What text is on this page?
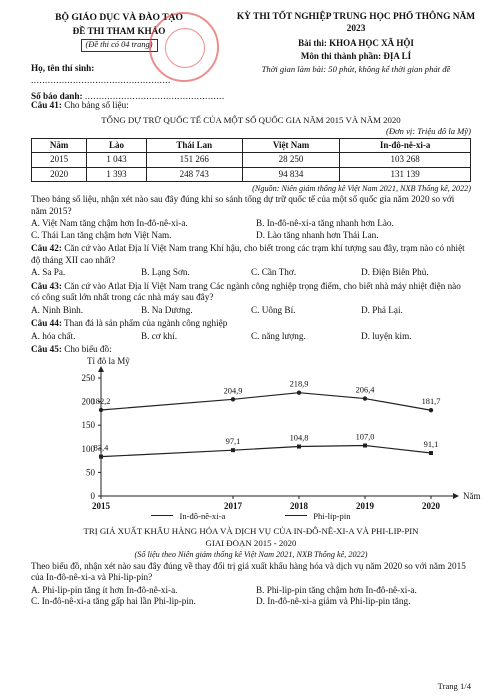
BỘ GIÁO DỤC VÀ ĐÀO TẠO
ĐỀ THI THAM KHẢO
(Đề thi có 04 trang)
KỲ THI TỐT NGHIỆP TRUNG HỌC PHỔ THÔNG NĂM 2023
Bài thi: KHOA HỌC XÃ HỘI
Môn thi thành phần: ĐỊA LÍ
Thời gian làm bài: 50 phút, không kể thời gian phát đề
Họ, tên thí sinh: ..................................................
Số báo danh: ..................................................
Câu 41: Cho bảng số liệu:
TỔNG DỰ TRỮ QUỐC TẾ CỦA MỘT SỐ QUỐC GIA NĂM 2015 VÀ NĂM 2020
(Đơn vị: Triệu đô la Mỹ)
Năm	Lào	Thái Lan	Việt Nam	In-đô-nê-xi-a
2015	1 043	151 266	28 250	103 268
2020	1 393	248 743	94 834	131 139
(Nguồn: Niên giám thống kê Việt Nam 2021, NXB Thống kê, 2022)
Theo bảng số liệu, nhận xét nào sau đây đúng khi so sánh tổng dự trữ quốc tế của một số quốc gia năm 2020 so với năm 2015?
A. Việt Nam tăng chậm hơn In-đô-nê-xi-a.	B. In-đô-nê-xi-a tăng nhanh hơn Lào.
C. Thái Lan tăng chậm hơn Việt Nam.	D. Lào tăng nhanh hơn Thái Lan.
Câu 42: Căn cứ vào Atlat Địa lí Việt Nam trang Khí hậu, cho biết trong các trạm khí tượng sau đây, trạm nào có nhiệt độ tháng XII cao nhất?
A. Sa Pa.	B. Lạng Sơn.	C. Cần Thơ.	D. Điện Biên Phủ.
Câu 43: Căn cứ vào Atlat Địa lí Việt Nam trang Các ngành công nghiệp trọng điểm, cho biết nhà máy nhiệt điện nào có công suất lớn nhất trong các nhà máy sau đây?
A. Ninh Bình.	B. Na Dương.	C. Uông Bí.	D. Phả Lại.
Câu 44: Than đá là sản phẩm của ngành công nghiệp
A. hóa chất.	B. cơ khí.	C. năng lượng.	D. luyện kim.
Câu 45: Cho biểu đồ:
Tỉ đô la Mỹ
Năm
0
50
100
150
200
250
2015	2017	2018	2019	2020
182,2
204,9
218,9
206,4
181,7
83,4
97,1	104,8	107,0
91,1
In-đô-nê-xi-a	Phi-lip-pin
TRỊ GIÁ XUẤT KHẨU HÀNG HÓA VÀ DỊCH VỤ CỦA IN-ĐÔ-NÊ-XI-A VÀ PHI-LIP-PIN
GIAI ĐOẠN 2015 - 2020
(Số liệu theo Niên giám thống kê Việt Nam 2021, NXB Thống kê, 2022)
Theo biểu đồ, nhận xét nào sau đây đúng về thay đổi trị giá xuất khẩu hàng hóa và dịch vụ năm 2020 so với năm 2015 của In-đô-nê-xi-a và Phi-lip-pin?
A. Phi-lip-pin tăng ít hơn In-đô-nê-xi-a.	B. Phi-lip-pin tăng chậm hơn In-đô-nê-xi-a.
C. In-đô-nê-xi-a tăng gấp hai lần Phi-lip-pin.	D. In-đô-nê-xi-a giảm và Phi-lip-pin tăng.
Trang 1/4
